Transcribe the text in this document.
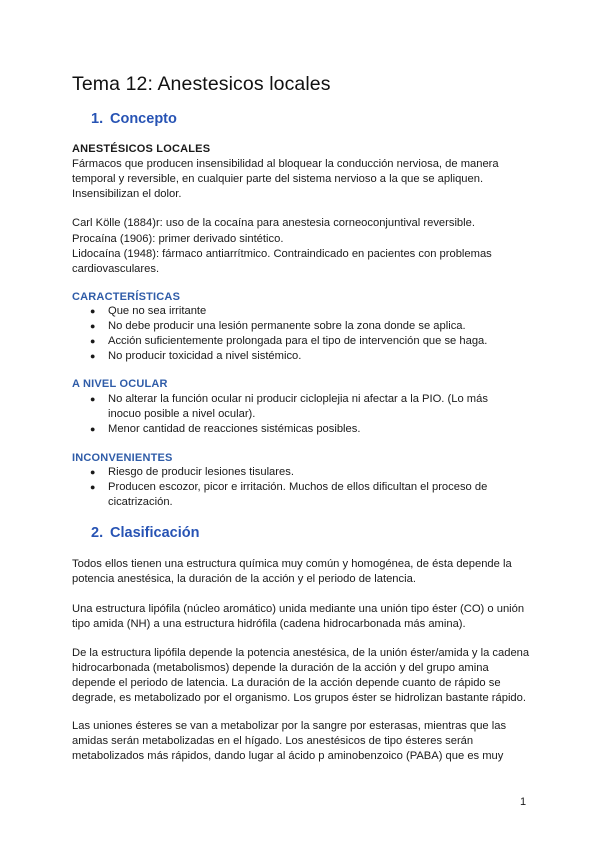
Tema 12: Anestesicos locales
1. Concepto

ANESTÉSICOS LOCALES

Fármacos que producen insensibilidad al bloquear la conducción nerviosa, de manera temporal y reversible, en cualquier parte del sistema nervioso a la que se apliquen. Insensibilizan el dolor.

Carl Kölle (1884)r: uso de la cocaína para anestesia corneoconjuntival reversible.

Procaína (1906): primer derivado sintético.

Lidocaína (1948): fármaco antiarrítmico. Contraindicado en pacientes con problemas cardiovasculares.

CARACTERÍSTICAS

● Que no sea irritante
● No debe producir una lesión permanente sobre la zona donde se aplica.
● Acción suficientemente prolongada para el tipo de intervención que se haga.
● No producir toxicidad a nivel sistémico.

A NIVEL OCULAR

● No alterar la función ocular ni producir cicloplejia ni afectar a la PIO. (Lo más inocuo posible a nivel ocular).
● Menor cantidad de reacciones sistémicas posibles.

INCONVENIENTES

● Riesgo de producir lesiones tisulares.
● Producen escozor, picor e irritación. Muchos de ellos dificultan el proceso de cicatrización.
2. Clasificación

Todos ellos tienen una estructura química muy común y homogénea, de ésta depende la potencia anestésica, la duración de la acción y el periodo de latencia.

Una estructura lipófila (núcleo aromático) unida mediante una unión tipo éster (CO) o unión tipo amida (NH) a una estructura hidrófila (cadena hidrocarbonada más amina).

De la estructura lipófila depende la potencia anestésica, de la unión éster/amida y la cadena hidrocarbonada (metabolismos) depende la duración de la acción y del grupo amina depende el periodo de latencia. La duración de la acción depende cuanto de rápido se degrade, es metabolizado por el organismo. Los grupos éster se hidrolizan bastante rápido.

Las uniones ésteres se van a metabolizar por la sangre por esterasas, mientras que las amidas serán metabolizadas en el hígado. Los anestésicos de tipo ésteres serán metabolizados más rápidos, dando lugar al ácido p aminobenzoico (PABA) que es muy

1
